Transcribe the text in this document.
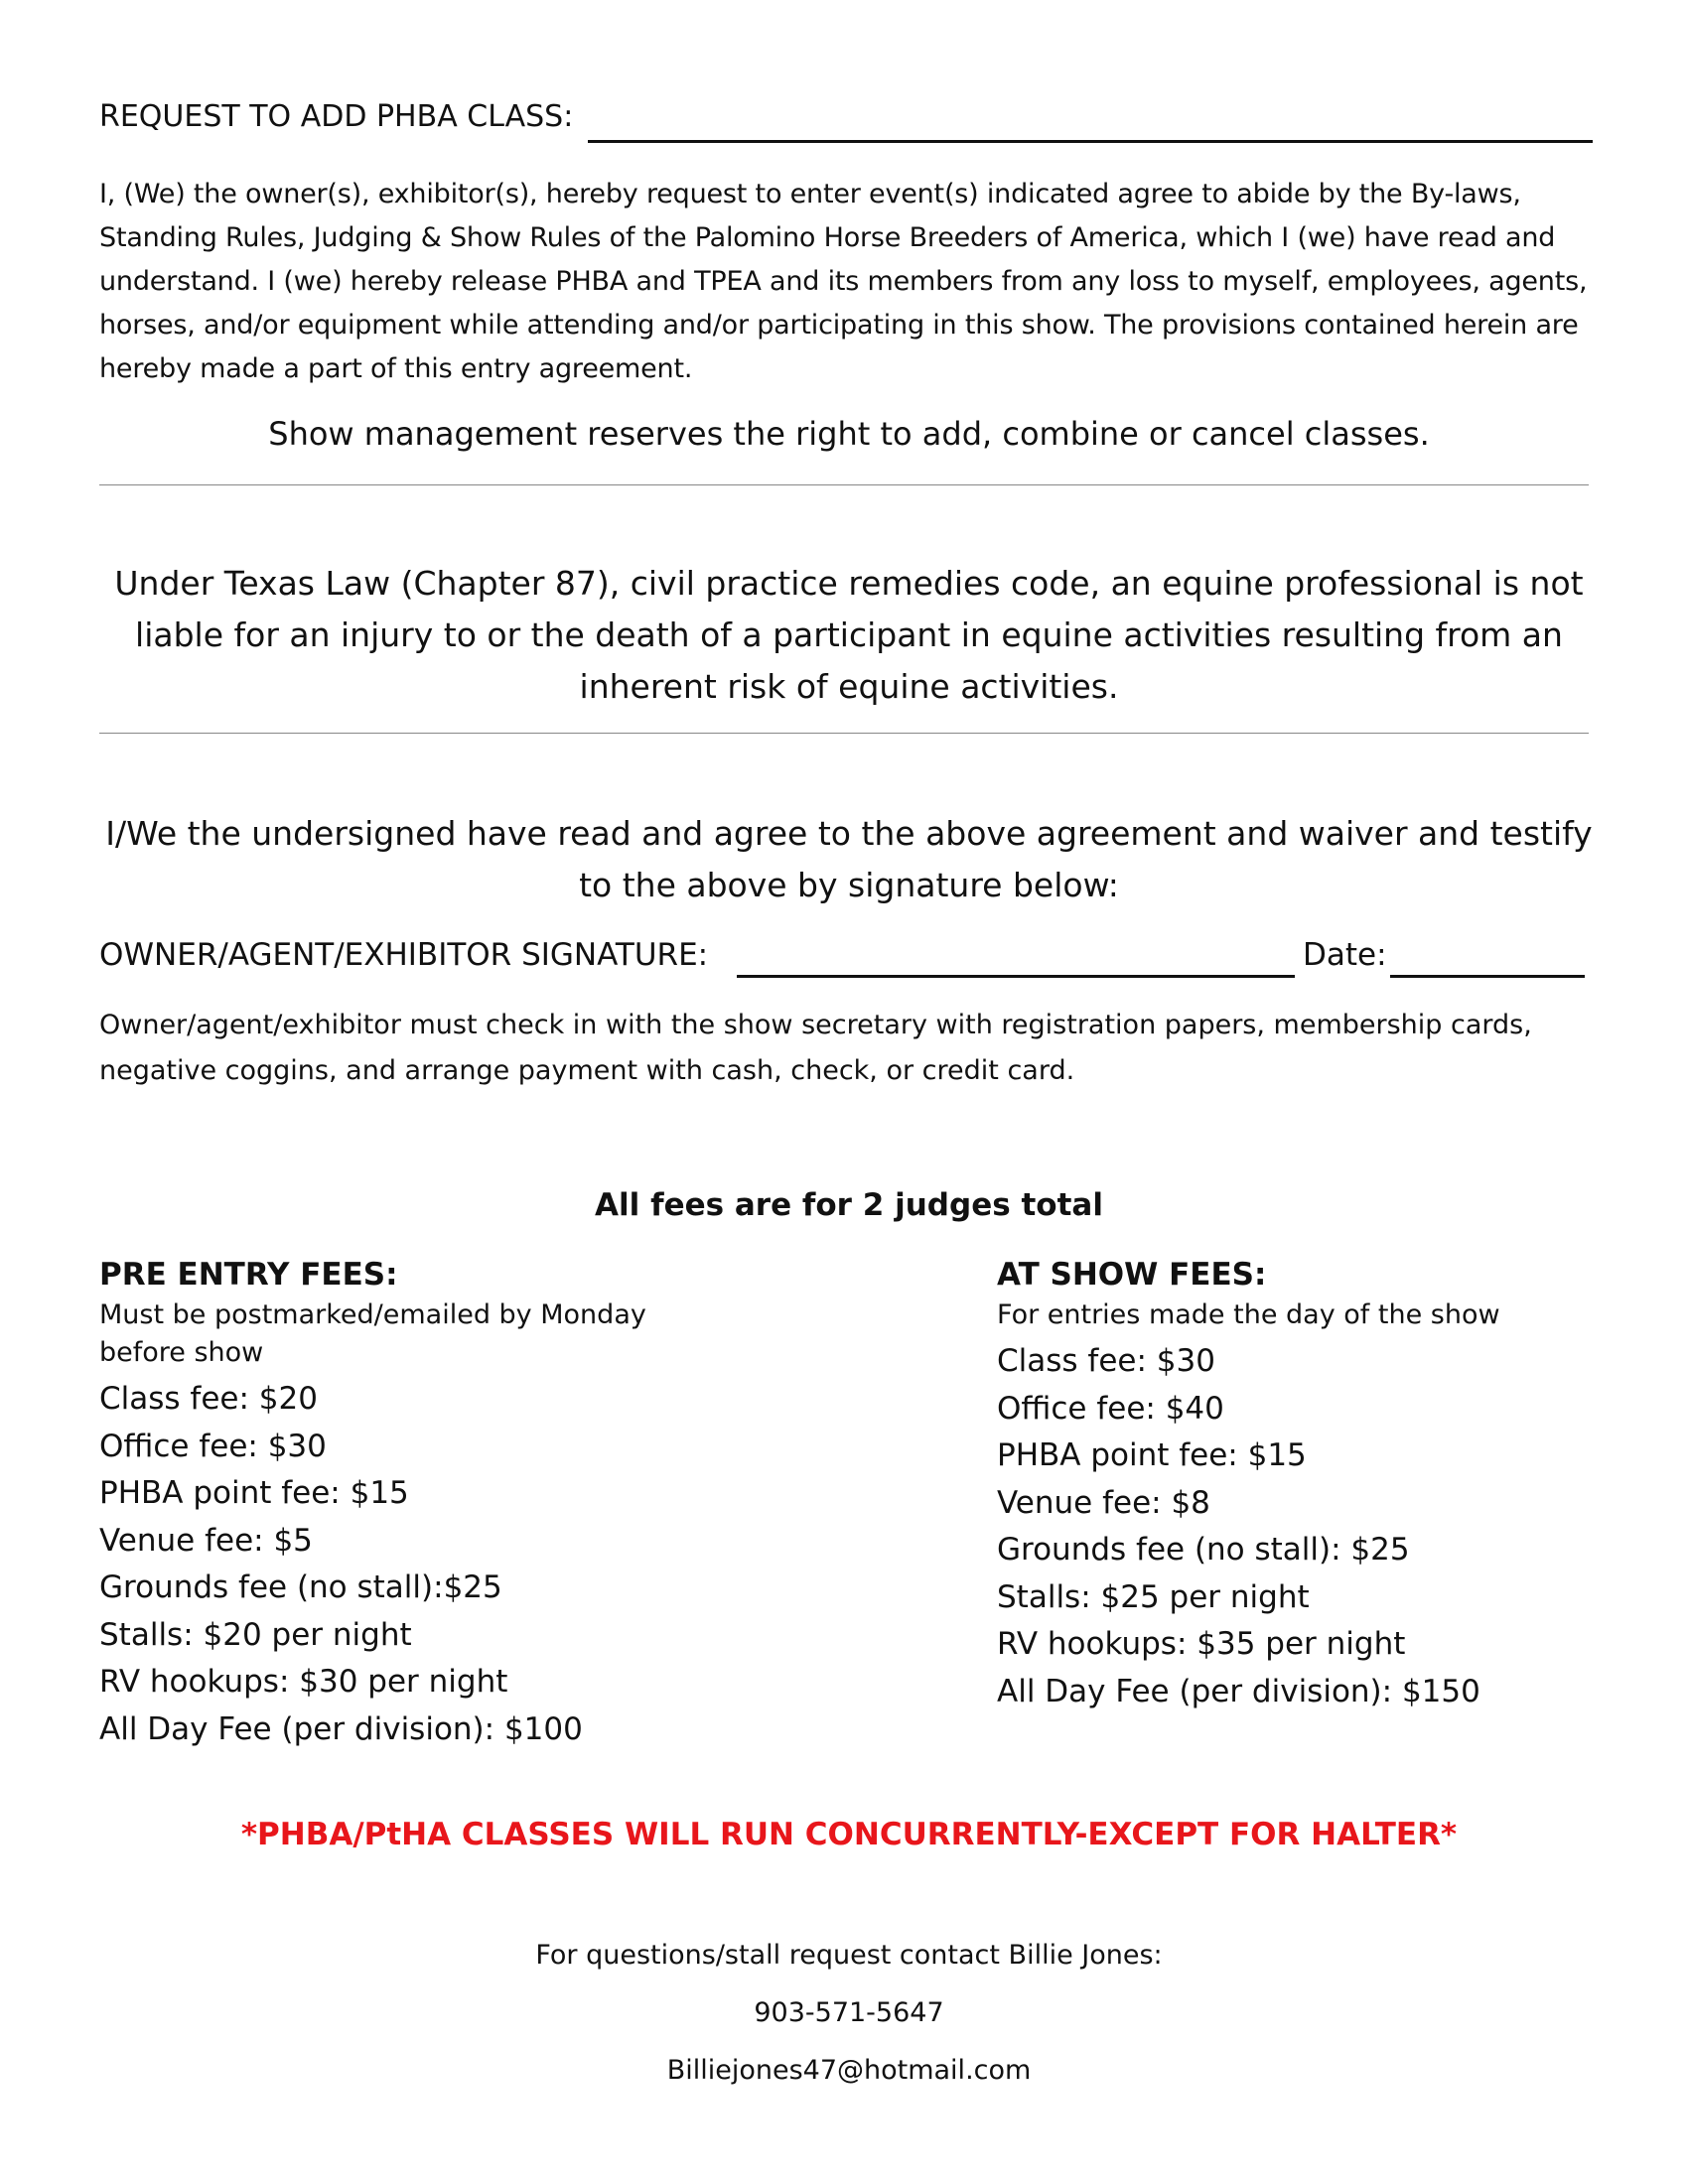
REQUEST TO ADD PHBA CLASS:

I, (We) the owner(s), exhibitor(s), hereby request to enter event(s) indicated agree to abide by the By-laws, Standing Rules, Judging & Show Rules of the Palomino Horse Breeders of America, which I (we) have read and understand. I (we) hereby release PHBA and TPEA and its members from any loss to myself, employees, agents, horses, and/or equipment while attending and/or participating in this show. The provisions contained herein are hereby made a part of this entry agreement.

Show management reserves the right to add, combine or cancel classes.
Under Texas Law (Chapter 87), civil practice remedies code, an equine professional is not liable for an injury to or the death of a participant in equine activities resulting from an inherent risk of equine activities.
I/We the undersigned have read and agree to the above agreement and waiver and testify to the above by signature below:
OWNER/AGENT/EXHIBITOR SIGNATURE:	Date:

Owner/agent/exhibitor must check in with the show secretary with registration papers, membership cards, negative coggins, and arrange payment with cash, check, or credit card.

All fees are for 2 judges total

PRE ENTRY FEES:

Must be postmarked/emailed by Monday before show

Class fee: $20
Office fee: $30
PHBA point fee: $15
Venue fee: $5
Grounds fee (no stall):$25
Stalls: $20 per night
RV hookups: $30 per night
All Day Fee (per division): $100

AT SHOW FEES:

For entries made the day of the show

Class fee: $30
Office fee: $40
PHBA point fee: $15
Venue fee: $8
Grounds fee (no stall): $25
Stalls: $25 per night
RV hookups: $35 per night
All Day Fee (per division): $150
*PHBA/PtHA CLASSES WILL RUN CONCURRENTLY-EXCEPT FOR HALTER*
For questions/stall request contact Billie Jones:
903-571-5647
Billiejones47@hotmail.com
